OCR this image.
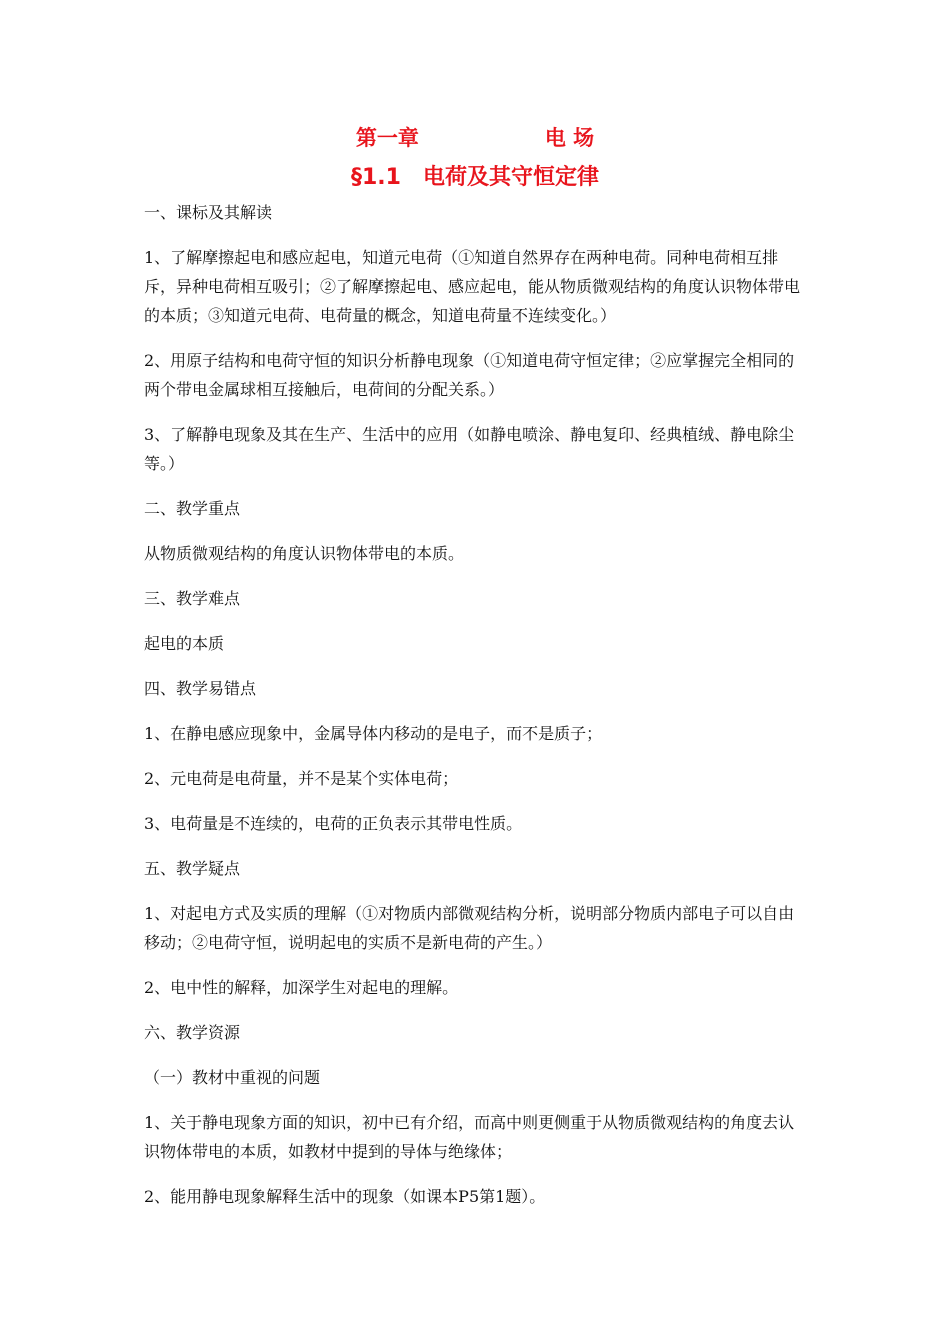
第一章　　　　　　电 场
§1.1　电荷及其守恒定律

一、课标及其解读

1、了解摩擦起电和感应起电，知道元电荷（①知道自然界存在两种电荷。同种电荷相互排斥，异种电荷相互吸引；②了解摩擦起电、感应起电，能从物质微观结构的角度认识物体带电的本质；③知道元电荷、电荷量的概念，知道电荷量不连续变化。）

2、用原子结构和电荷守恒的知识分析静电现象（①知道电荷守恒定律；②应掌握完全相同的两个带电金属球相互接触后，电荷间的分配关系。）

3、了解静电现象及其在生产、生活中的应用（如静电喷涂、静电复印、经典植绒、静电除尘等。）

二、教学重点

从物质微观结构的角度认识物体带电的本质。

三、教学难点

起电的本质

四、教学易错点

1、在静电感应现象中，金属导体内移动的是电子，而不是质子；

2、元电荷是电荷量，并不是某个实体电荷；

3、电荷量是不连续的，电荷的正负表示其带电性质。

五、教学疑点

1、对起电方式及实质的理解（①对物质内部微观结构分析，说明部分物质内部电子可以自由移动；②电荷守恒，说明起电的实质不是新电荷的产生。）

2、电中性的解释，加深学生对起电的理解。

六、教学资源

（一）教材中重视的问题

1、关于静电现象方面的知识，初中已有介绍，而高中则更侧重于从物质微观结构的角度去认识物体带电的本质，如教材中提到的导体与绝缘体；

2、能用静电现象解释生活中的现象（如课本P5第1题）。
